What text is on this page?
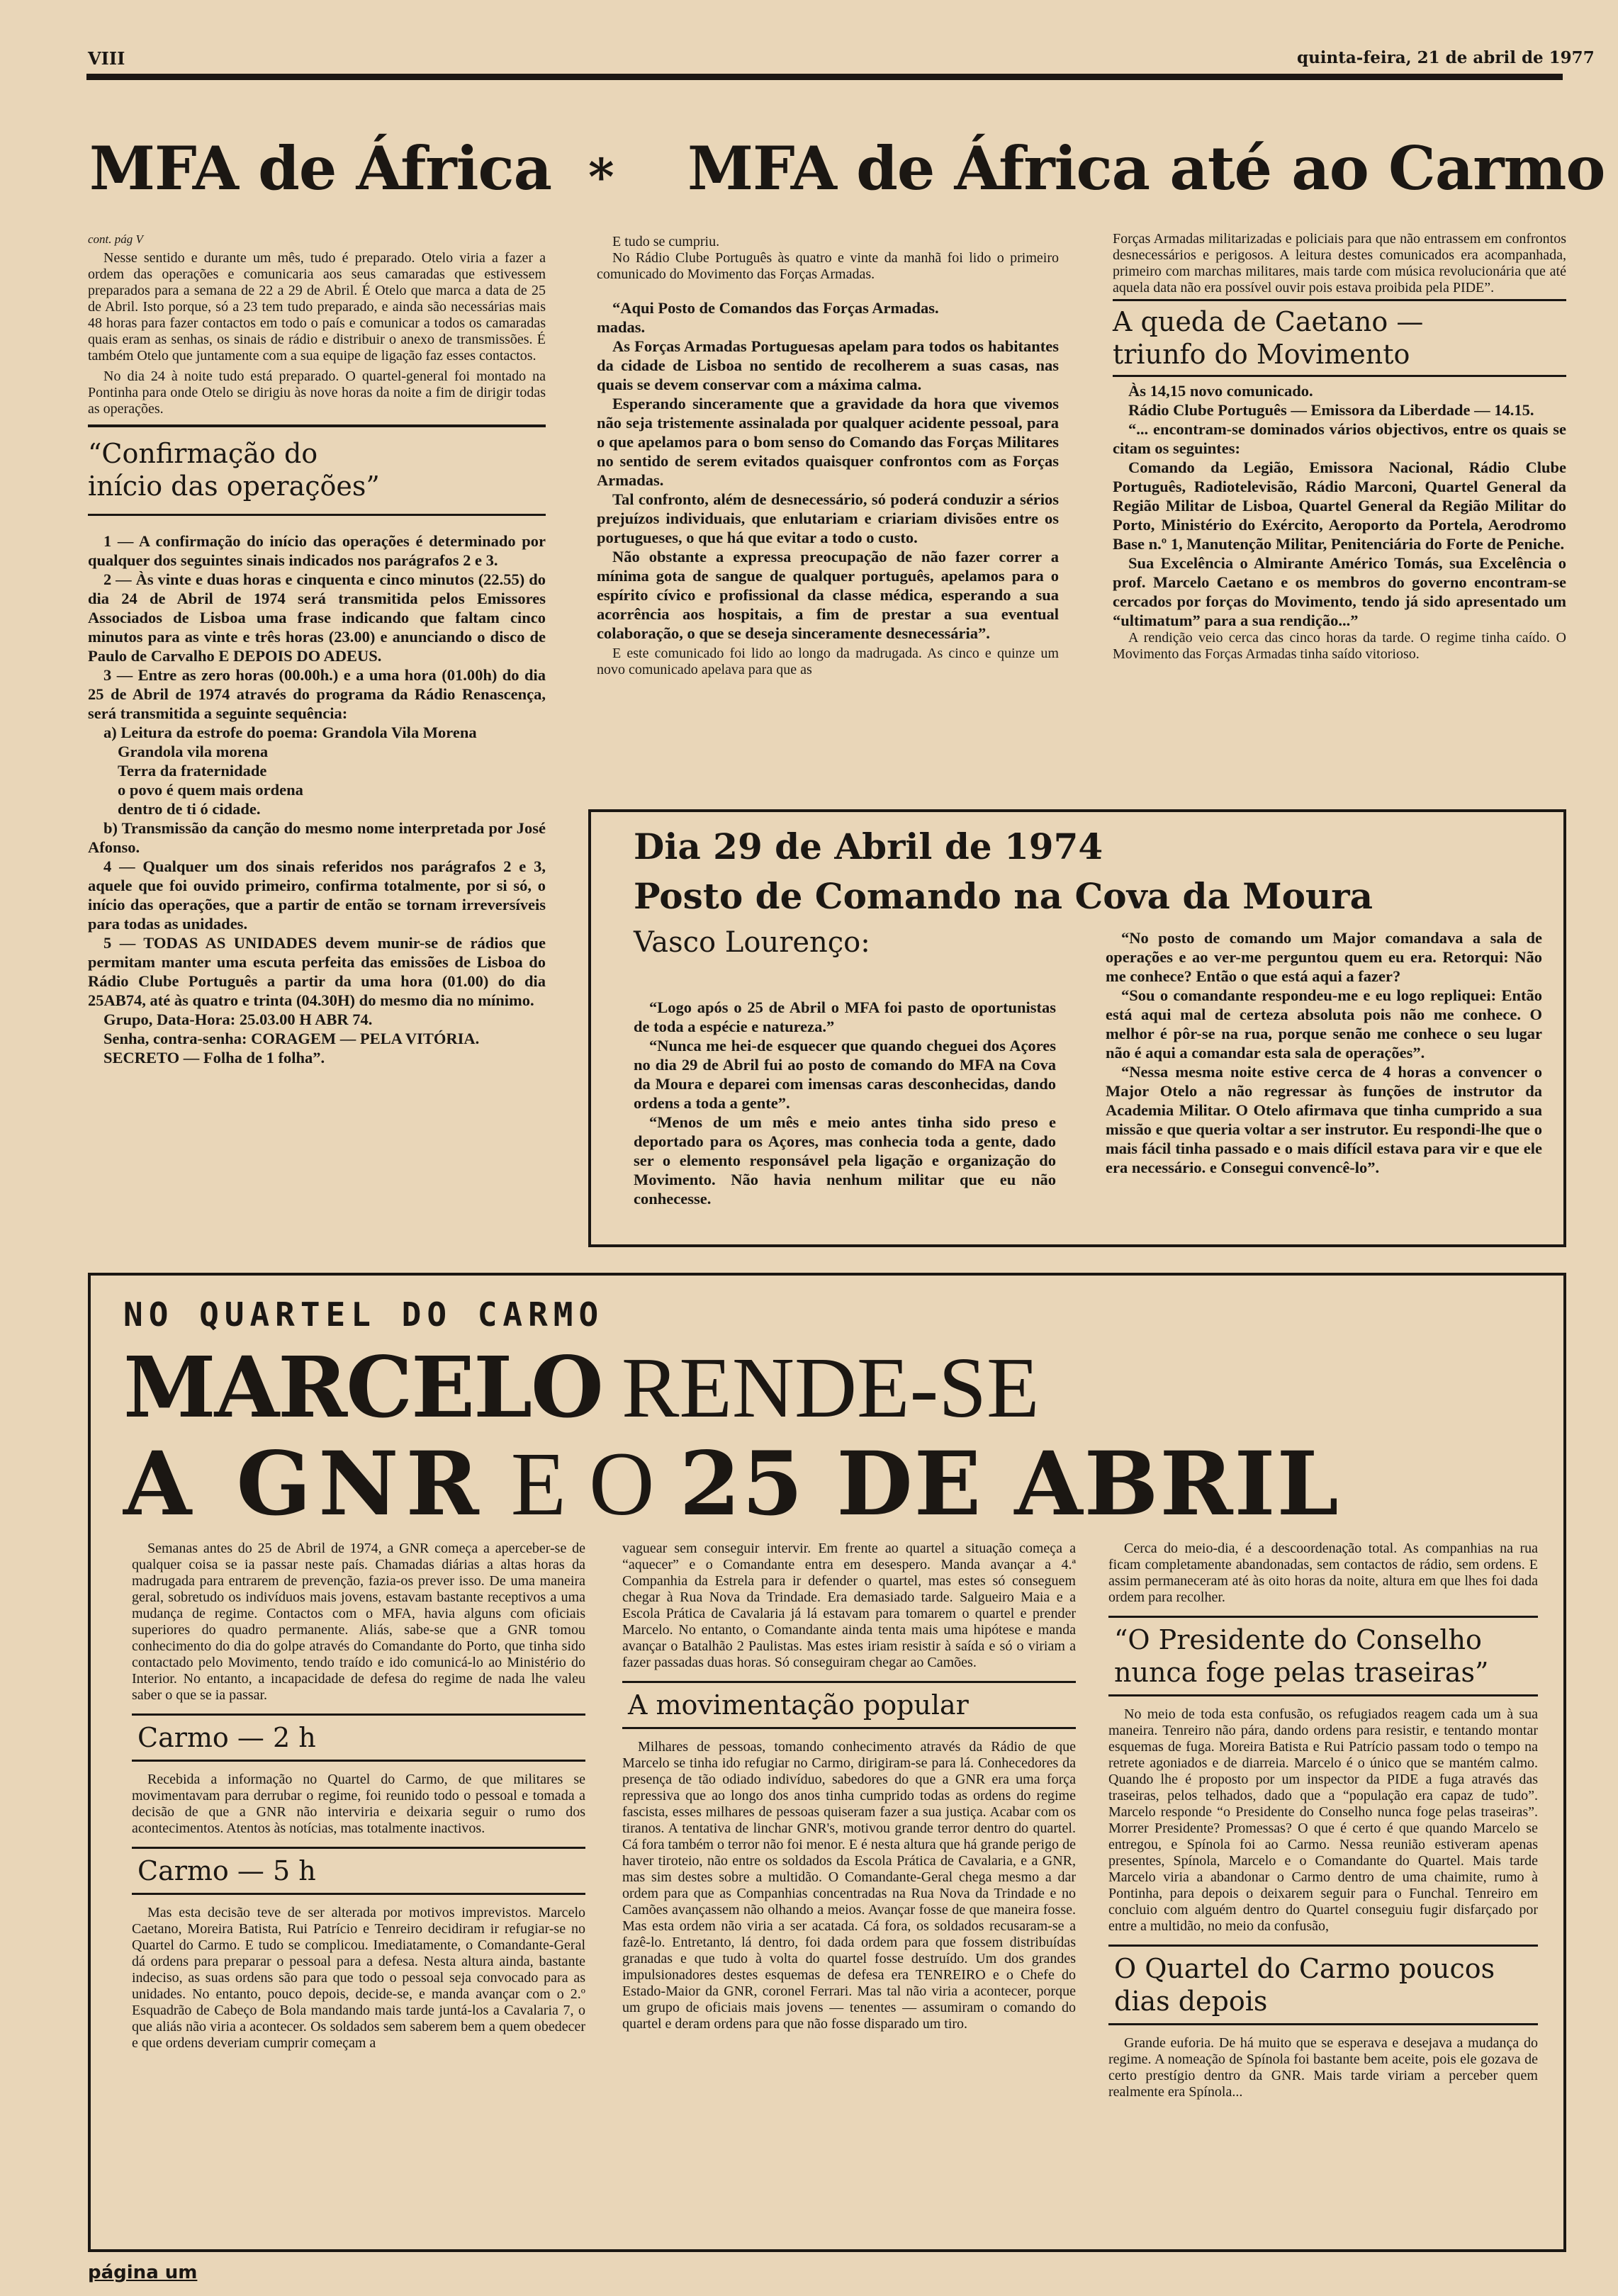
VIII	quinta-feira, 21 de abril de 1977
MFA de África * MFA de África até ao Carmo
cont. pág V

Nesse sentido e durante um mês, tudo é preparado. Otelo viria a fazer a ordem das operações e comunicaria aos seus camaradas que estivessem preparados para a semana de 22 a 29 de Abril. É Otelo que marca a data de 25 de Abril. Isto porque, só a 23 tem tudo preparado, e ainda são necessárias mais 48 horas para fazer contactos em todo o país e comunicar a todos os camaradas quais eram as senhas, os sinais de rádio e distribuir o anexo de transmissões. É também Otelo que juntamente com a sua equipe de ligação faz esses contactos.

No dia 24 à noite tudo está preparado. O quartel-general foi montado na Pontinha para onde Otelo se dirigiu às nove horas da noite a fim de dirigir todas as operações.

“Confirmação do início das operações”

1 — A confirmação do início das operações é determinado por qualquer dos seguintes sinais indicados nos parágrafos 2 e 3.

2 — Às vinte e duas horas e cinquenta e cinco minutos (22.55) do dia 24 de Abril de 1974 será transmitida pelos Emissores Associados de Lisboa uma frase indicando que faltam cinco minutos para as vinte e três horas (23.00) e anunciando o disco de Paulo de Carvalho E DEPOIS DO ADEUS.

3 — Entre as zero horas (00.00h.) e a uma hora (01.00h) do dia 25 de Abril de 1974 através do programa da Rádio Renascença, será transmitida a seguinte sequência:

a) Leitura da estrofe do poema: Grandola Vila Morena

Grandola vila morena
Terra da fraternidade
o povo é quem mais ordena
dentro de ti ó cidade.

b) Transmissão da canção do mesmo nome interpretada por José Afonso.

4 — Qualquer um dos sinais referidos nos parágrafos 2 e 3, aquele que foi ouvido primeiro, confirma totalmente, por si só, o início das operações, que a partir de então se tornam irreversíveis para todas as unidades.

5 — TODAS AS UNIDADES devem munir-se de rádios que permitam manter uma escuta perfeita das emissões de Lisboa do Rádio Clube Português a partir da uma hora (01.00) do dia 25AB74, até às quatro e trinta (04.30H) do mesmo dia no mínimo.

Grupo, Data-Hora: 25.03.00 H ABR 74.

Senha, contra-senha: CORAGEM — PELA VITÓRIA.

SECRETO — Folha de 1 folha”.

E tudo se cumpriu.

No Rádio Clube Português às quatro e vinte da manhã foi lido o primeiro comunicado do Movimento das Forças Armadas.

“Aqui Posto de Comandos das Forças Armadas.

madas.

As Forças Armadas Portuguesas apelam para todos os habitantes da cidade de Lisboa no sentido de recolherem a suas casas, nas quais se devem conservar com a máxima calma.

Esperando sinceramente que a gravidade da hora que vivemos não seja tristemente assinalada por qualquer acidente pessoal, para o que apelamos para o bom senso do Comando das Forças Militares no sentido de serem evitados quaisquer confrontos com as Forças Armadas.

Tal confronto, além de desnecessário, só poderá conduzir a sérios prejuízos individuais, que enlutariam e criariam divisões entre os portugueses, o que há que evitar a todo o custo.

Não obstante a expressa preocupação de não fazer correr a mínima gota de sangue de qualquer português, apelamos para o espírito cívico e profissional da classe médica, esperando a sua acorrência aos hospitais, a fim de prestar a sua eventual colaboração, o que se deseja sinceramente desnecessária”.

E este comunicado foi lido ao longo da madrugada. As cinco e quinze um novo comunicado apelava para que as

Forças Armadas militarizadas e policiais para que não entrassem em confrontos desnecessários e perigosos. A leitura destes comunicados era acompanhada, primeiro com marchas militares, mais tarde com música revolucionária que até aquela data não era possível ouvir pois estava proibida pela PIDE”.
A queda de Caetano — triunfo do Movimento

Às 14,15 novo comunicado.

Rádio Clube Português — Emissora da Liberdade — 14.15.

“... encontram-se dominados vários objectivos, entre os quais se citam os seguintes:

Comando da Legião, Emissora Nacional, Rádio Clube Português, Radiotelevisão, Rádio Marconi, Quartel General da Região Militar de Lisboa, Quartel General da Região Militar do Porto, Ministério do Exército, Aeroporto da Portela, Aerodromo Base n.º 1, Manutenção Militar, Penitenciária do Forte de Peniche.

Sua Excelência o Almirante Américo Tomás, sua Excelência o prof. Marcelo Caetano e os membros do governo encontram-se cercados por forças do Movimento, tendo já sido apresentado um “ultimatum” para a sua rendição...”

A rendição veio cerca das cinco horas da tarde. O regime tinha caído. O Movimento das Forças Armadas tinha saído vitorioso.

Dia 29 de Abril de 1974
Posto de Comando na Cova da Moura
Vasco Lourenço:

“Logo após o 25 de Abril o MFA foi pasto de oportunistas de toda a espécie e natureza.”

“Nunca me hei-de esquecer que quando cheguei dos Açores no dia 29 de Abril fui ao posto de comando do MFA na Cova da Moura e deparei com imensas caras desconhecidas, dando ordens a toda a gente”.

“Menos de um mês e meio antes tinha sido preso e deportado para os Açores, mas conhecia toda a gente, dado ser o elemento responsável pela ligação e organização do Movimento. Não havia nenhum militar que eu não conhecesse.

“No posto de comando um Major comandava a sala de operações e ao ver-me perguntou quem eu era. Retorqui: Não me conhece? Então o que está aqui a fazer?

“Sou o comandante respondeu-me e eu logo repliquei: Então está aqui mal de certeza absoluta pois não me conhece. O melhor é pôr-se na rua, porque senão me conhece o seu lugar não é aqui a comandar esta sala de operações”.

“Nessa mesma noite estive cerca de 4 horas a convencer o Major Otelo a não regressar às funções de instrutor da Academia Militar. O Otelo afirmava que tinha cumprido a sua missão e que queria voltar a ser instrutor. Eu respondi-lhe que o mais fácil tinha passado e o mais difícil estava para vir e que ele era necessário. e Consegui convencê-lo”.

NO QUARTEL DO CARMO
MARCELO RENDE-SE
A GNR E O 25 DE ABRIL

Semanas antes do 25 de Abril de 1974, a GNR começa a aperceber-se de qualquer coisa se ia passar neste país. Chamadas diárias a altas horas da madrugada para entrarem de prevenção, fazia-os prever isso. De uma maneira geral, sobretudo os indivíduos mais jovens, estavam bastante receptivos a uma mudança de regime. Contactos com o MFA, havia alguns com oficiais superiores do quadro permanente. Aliás, sabe-se que a GNR tomou conhecimento do dia do golpe através do Comandante do Porto, que tinha sido contactado pelo Movimento, tendo traído e ido comunicá-lo ao Ministério do Interior. No entanto, a incapacidade de defesa do regime de nada lhe valeu saber o que se ia passar.

Carmo — 2 h

Recebida a informação no Quartel do Carmo, de que militares se movimentavam para derrubar o regime, foi reunido todo o pessoal e tomada a decisão de que a GNR não interviria e deixaria seguir o rumo dos acontecimentos. Atentos às notícias, mas totalmente inactivos.

Carmo — 5 h

Mas esta decisão teve de ser alterada por motivos imprevistos. Marcelo Caetano, Moreira Batista, Rui Patrício e Tenreiro decidiram ir refugiar-se no Quartel do Carmo. E tudo se complicou. Imediatamente, o Comandante-Geral dá ordens para preparar o pessoal para a defesa. Nesta altura ainda, bastante indeciso, as suas ordens são para que todo o pessoal seja convocado para as unidades. No entanto, pouco depois, decide-se, e manda avançar com o 2.º Esquadrão de Cabeço de Bola mandando mais tarde juntá-los a Cavalaria 7, o que aliás não viria a acontecer. Os soldados sem saberem bem a quem obedecer e que ordens deveriam cumprir começam a

vaguear sem conseguir intervir. Em frente ao quartel a situação começa a “aquecer” e o Comandante entra em desespero. Manda avançar a 4.ª Companhia da Estrela para ir defender o quartel, mas estes só conseguem chegar à Rua Nova da Trindade. Era demasiado tarde. Salgueiro Maia e a Escola Prática de Cavalaria já lá estavam para tomarem o quartel e prender Marcelo. No entanto, o Comandante ainda tenta mais uma hipótese e manda avançar o Batalhão 2 Paulistas. Mas estes iriam resistir à saída e só o viriam a fazer passadas duas horas. Só conseguiram chegar ao Camões.
A movimentação popular

Milhares de pessoas, tomando conhecimento através da Rádio de que Marcelo se tinha ido refugiar no Carmo, dirigiram-se para lá. Conhecedores da presença de tão odiado indivíduo, sabedores do que a GNR era uma força repressiva que ao longo dos anos tinha cumprido todas as ordens do regime fascista, esses milhares de pessoas quiseram fazer a sua justiça. Acabar com os tiranos. A tentativa de linchar GNR's, motivou grande terror dentro do quartel. Cá fora também o terror não foi menor. E é nesta altura que há grande perigo de haver tiroteio, não entre os soldados da Escola Prática de Cavalaria, e a GNR, mas sim destes sobre a multidão. O Comandante-Geral chega mesmo a dar ordem para que as Companhias concentradas na Rua Nova da Trindade e no Camões avançassem não olhando a meios. Avançar fosse de que maneira fosse. Mas esta ordem não viria a ser acatada. Cá fora, os soldados recusaram-se a fazê-lo. Entretanto, lá dentro, foi dada ordem para que fossem distribuídas granadas e que tudo à volta do quartel fosse destruído. Um dos grandes impulsionadores destes esquemas de defesa era TENREIRO e o Chefe do Estado-Maior da GNR, coronel Ferrari. Mas tal não viria a acontecer, porque um grupo de oficiais mais jovens — tenentes — assumiram o comando do quartel e deram ordens para que não fosse disparado um tiro.

Cerca do meio-dia, é a descoordenação total. As companhias na rua ficam completamente abandonadas, sem contactos de rádio, sem ordens. E assim permaneceram até às oito horas da noite, altura em que lhes foi dada ordem para recolher.

“O Presidente do Conselho nunca foge pelas traseiras”

No meio de toda esta confusão, os refugiados reagem cada um à sua maneira. Tenreiro não pára, dando ordens para resistir, e tentando montar esquemas de fuga. Moreira Batista e Rui Patrício passam todo o tempo na retrete agoniados e de diarreia. Marcelo é o único que se mantém calmo. Quando lhe é proposto por um inspector da PIDE a fuga através das traseiras, pelos telhados, dado que a “população era capaz de tudo”. Marcelo responde “o Presidente do Conselho nunca foge pelas traseiras”. Morrer Presidente? Promessas? O que é certo é que quando Marcelo se entregou, e Spínola foi ao Carmo. Nessa reunião estiveram apenas presentes, Spínola, Marcelo e o Comandante do Quartel. Mais tarde Marcelo viria a abandonar o Carmo dentro de uma chaimite, rumo à Pontinha, para depois o deixarem seguir para o Funchal. Tenreiro em concluio com alguém dentro do Quartel conseguiu fugir disfarçado por entre a multidão, no meio da confusão,

O Quartel do Carmo poucos dias depois

Grande euforia. De há muito que se esperava e desejava a mudança do regime. A nomeação de Spínola foi bastante bem aceite, pois ele gozava de certo prestígio dentro da GNR. Mais tarde viriam a perceber quem realmente era Spínola...

página um
